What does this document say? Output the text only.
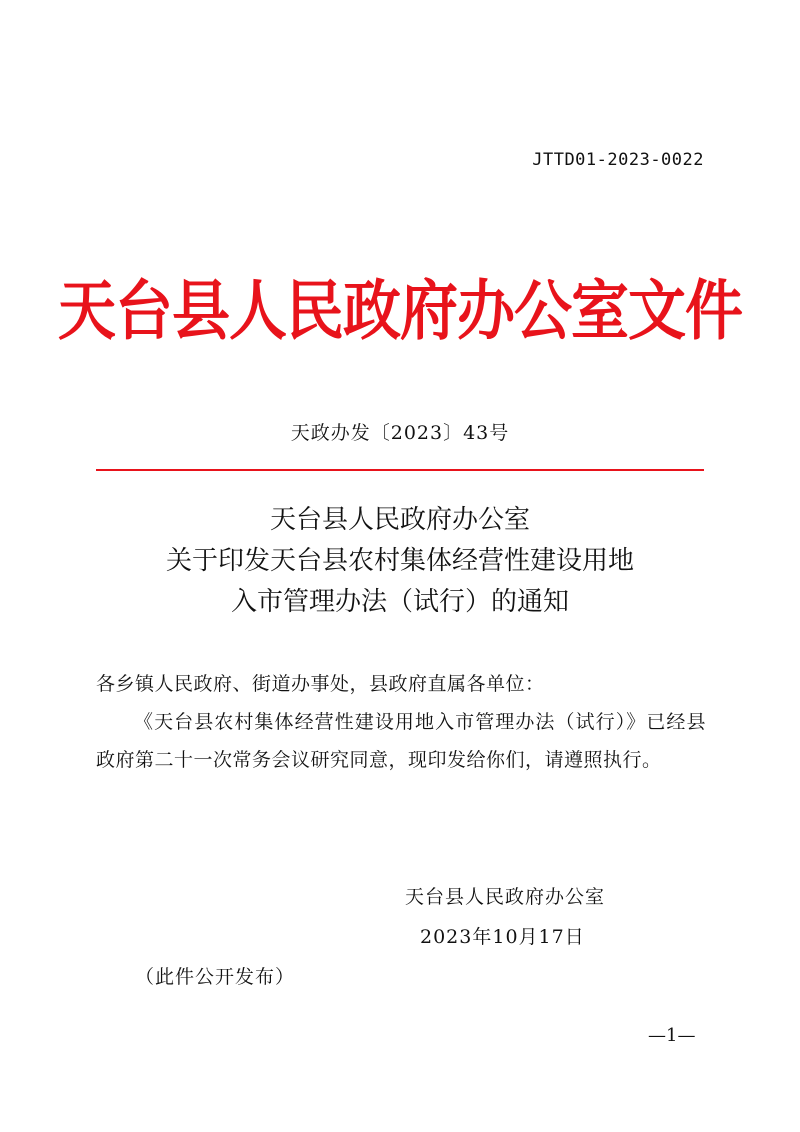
JTTD01-2023-0022
天台县人民政府办公室文件
天政办发〔2023〕43号
天台县人民政府办公室
关于印发天台县农村集体经营性建设用地
入市管理办法（试行）的通知
各乡镇人民政府、街道办事处，县政府直属各单位：
《天台县农村集体经营性建设用地入市管理办法（试行）》已经县政府第二十一次常务会议研究同意，现印发给你们，请遵照执行。
天台县人民政府办公室
2023年10月17日
（此件公开发布）
—1—
